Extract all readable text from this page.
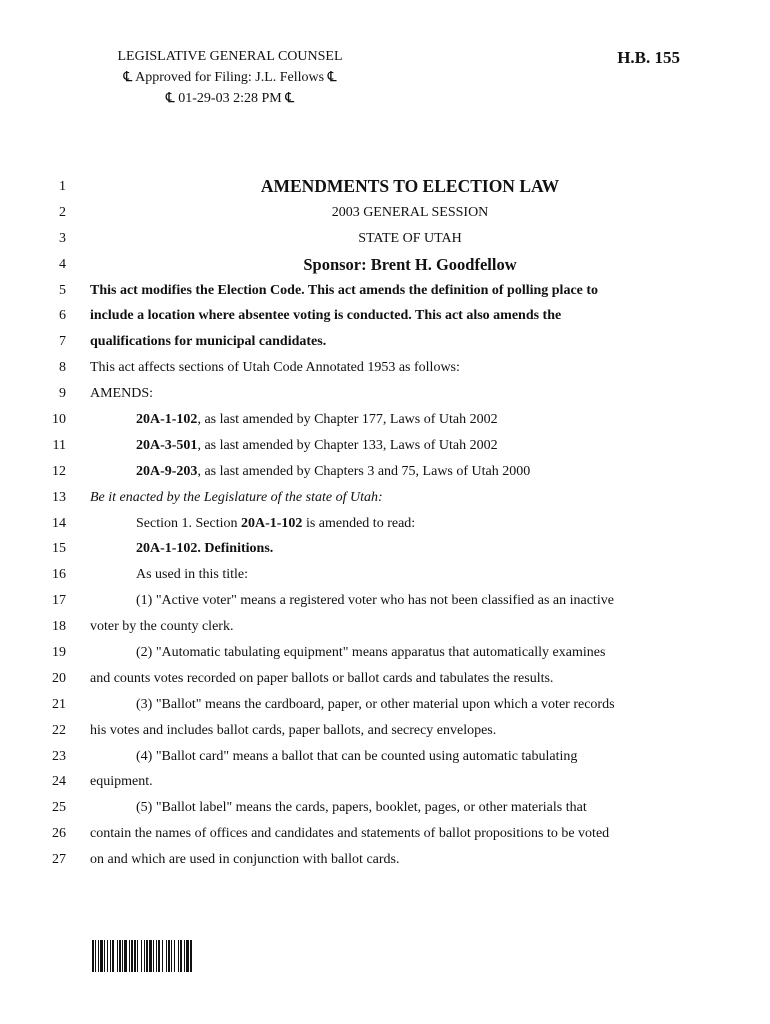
LEGISLATIVE GENERAL COUNSEL
℄ Approved for Filing: J.L. Fellows ℄
℄ 01-29-03 2:28 PM ℄
H.B. 155
1	AMENDMENTS TO ELECTION LAW
2	2003 GENERAL SESSION
3	STATE OF UTAH
4	Sponsor: Brent H. Goodfellow
5 This act modifies the Election Code. This act amends the definition of polling place to
6 include a location where absentee voting is conducted. This act also amends the
7 qualifications for municipal candidates.
8 This act affects sections of Utah Code Annotated 1953 as follows:
9 AMENDS:
10	20A-1-102, as last amended by Chapter 177, Laws of Utah 2002
11	20A-3-501, as last amended by Chapter 133, Laws of Utah 2002
12	20A-9-203, as last amended by Chapters 3 and 75, Laws of Utah 2000
13 Be it enacted by the Legislature of the state of Utah:
14	Section 1. Section 20A-1-102 is amended to read:
15	20A-1-102. Definitions.
16	As used in this title:
17	(1) "Active voter" means a registered voter who has not been classified as an inactive
18 voter by the county clerk.
19	(2) "Automatic tabulating equipment" means apparatus that automatically examines
20 and counts votes recorded on paper ballots or ballot cards and tabulates the results.
21	(3) "Ballot" means the cardboard, paper, or other material upon which a voter records
22 his votes and includes ballot cards, paper ballots, and secrecy envelopes.
23	(4) "Ballot card" means a ballot that can be counted using automatic tabulating
24 equipment.
25	(5) "Ballot label" means the cards, papers, booklet, pages, or other materials that
26 contain the names of offices and candidates and statements of ballot propositions to be voted
27 on and which are used in conjunction with ballot cards.
